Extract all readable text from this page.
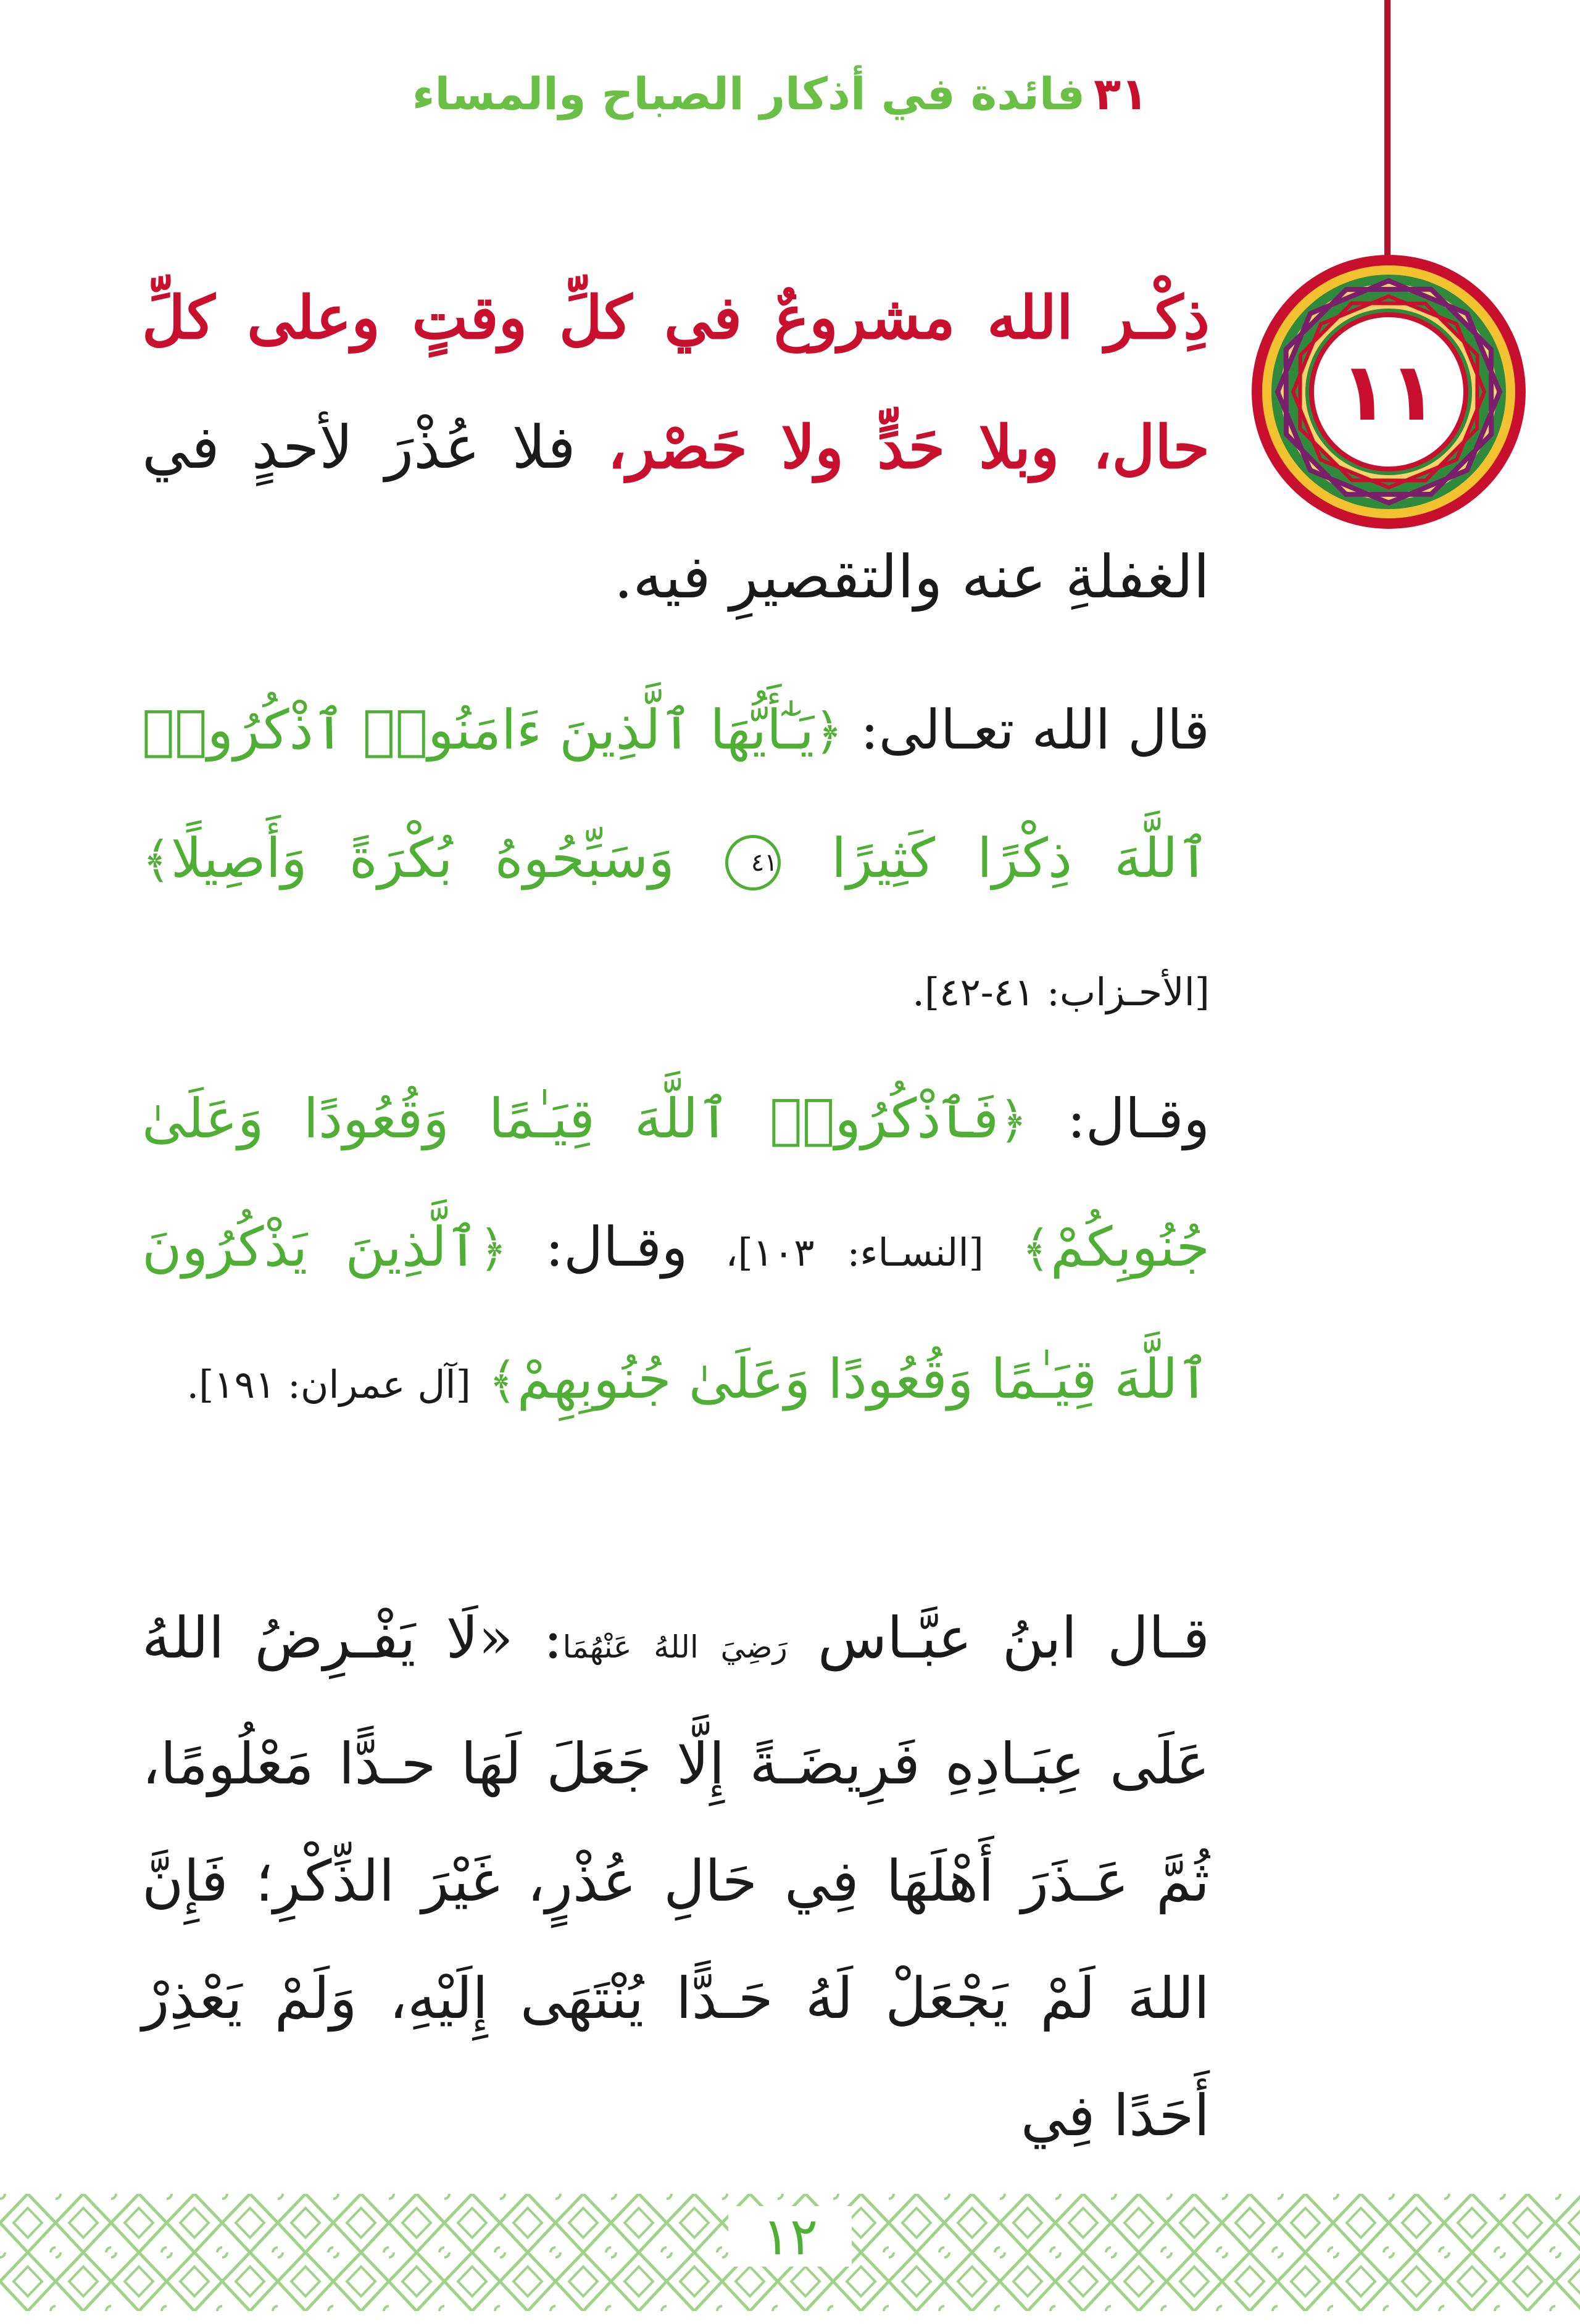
٣١فائدة في أذكار الصباح والمساء
١١
ذِكْـر الله مشروعٌ في كلِّ وقتٍ وعلى كلِّ حال، وبلا حَدٍّ ولا حَصْر، فلا عُذْرَ لأحدٍ في الغفلةِ عنه والتقصيرِ فيه.
قال الله تعـالى: ﴿يَـٰٓأَيُّهَا ٱلَّذِينَ ءَامَنُوا۟ ٱذْكُرُوا۟ ٱللَّهَ ذِكْرًا كَثِيرًا ٤١ وَسَبِّحُوهُ بُكْرَةً وَأَصِيلًا﴾ [الأحـزاب: ٤١-٤٢].
وقـال: ﴿فَٱذْكُرُوا۟ ٱللَّهَ قِيَـٰمًا وَقُعُودًا وَعَلَىٰ جُنُوبِكُمْ﴾ [النسـاء: ١٠٣]، وقـال: ﴿ٱلَّذِينَ يَذْكُرُونَ ٱللَّهَ قِيَـٰمًا وَقُعُودًا وَعَلَىٰ جُنُوبِهِمْ﴾ [آل عمران: ١٩١].
قـال ابنُ عبَّـاس رَضِيَ اللهُ عَنْهُمَا: «لَا يَفْـرِضُ اللهُ عَلَى عِبَـادِهِ فَرِيضَـةً إِلَّا جَعَلَ لَهَا حـدًّا مَعْلُومًا، ثُمَّ عَـذَرَ أَهْلَهَا فِي حَالِ عُذْرٍ، غَيْرَ الذِّكْرِ؛ فَإِنَّ اللهَ لَمْ يَجْعَلْ لَهُ حَـدًّا يُنْتَهَى إِلَيْهِ، وَلَمْ يَعْذِرْ أَحَدًا فِي
١٢
